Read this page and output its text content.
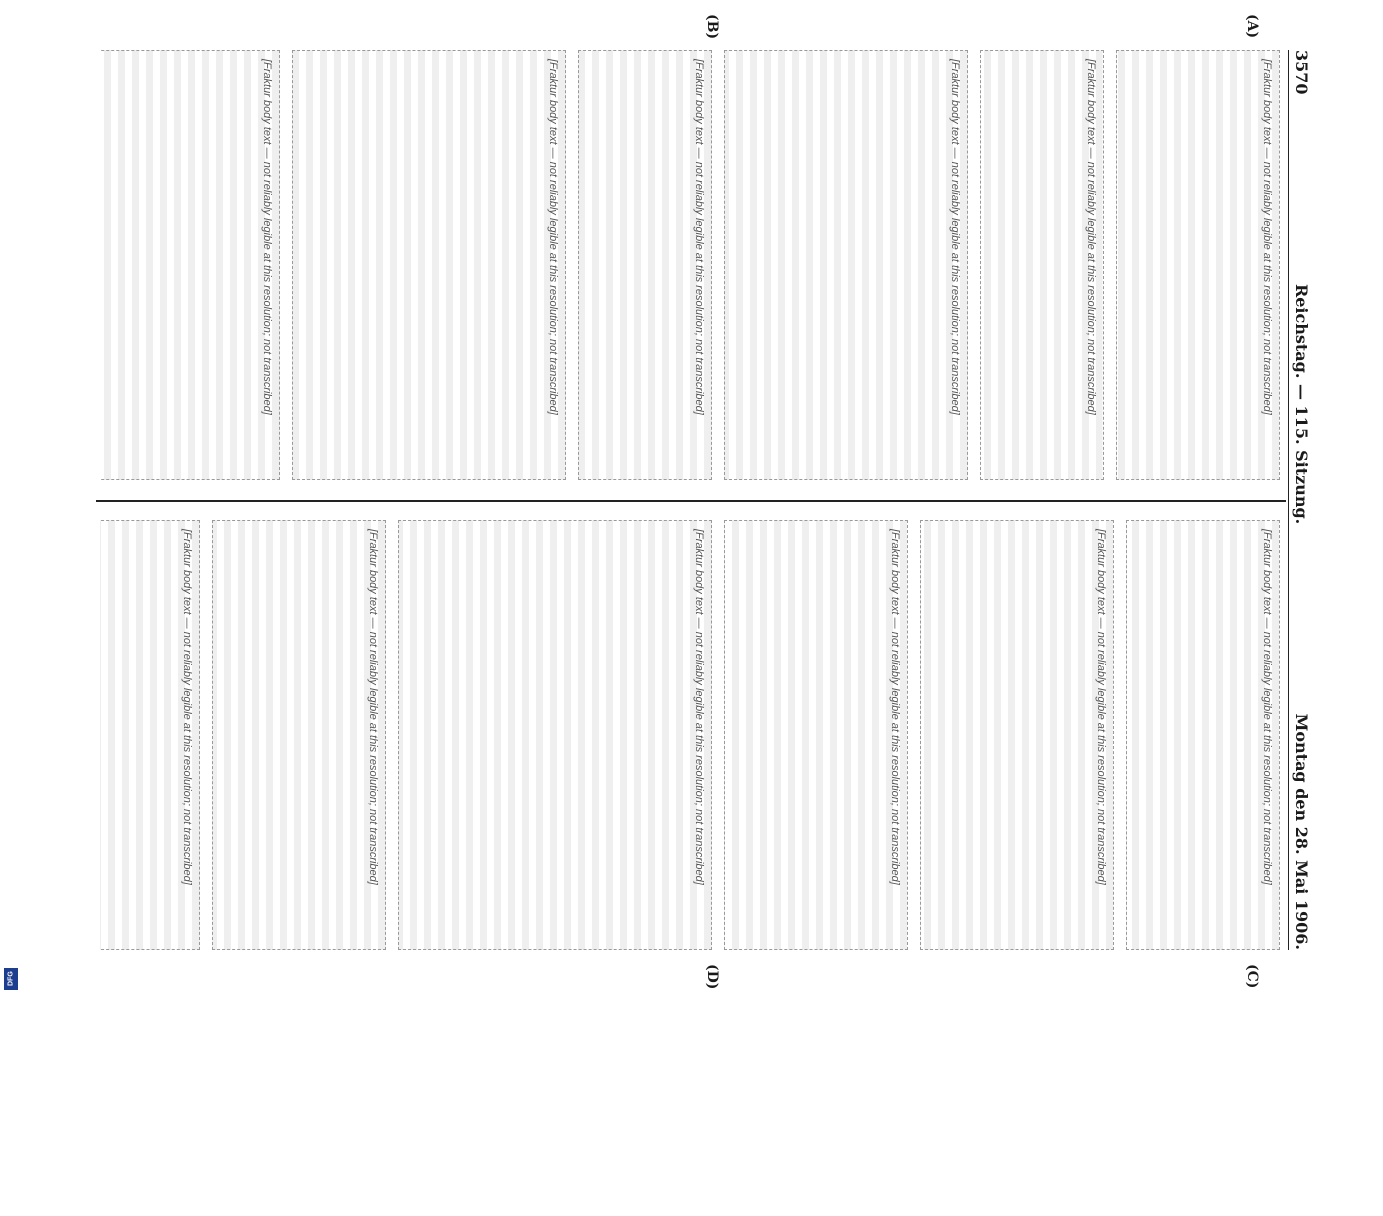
DFG
3570
Reichstag. — 115. Sitzung.
Montag den 28. Mai 1906.
(A)
(B)
(C)
(D)
[Fraktur body text — not reliably legible at this resolution; not transcribed]
[Fraktur body text — not reliably legible at this resolution; not transcribed]
[Fraktur body text — not reliably legible at this resolution; not transcribed]
[Fraktur body text — not reliably legible at this resolution; not transcribed]
[Fraktur body text — not reliably legible at this resolution; not transcribed]
[Fraktur body text — not reliably legible at this resolution; not transcribed]
[Fraktur body text — not reliably legible at this resolution; not transcribed]
[Fraktur body text — not reliably legible at this resolution; not transcribed]
[Fraktur body text — not reliably legible at this resolution; not transcribed]
[Fraktur body text — not reliably legible at this resolution; not transcribed]
[Fraktur body text — not reliably legible at this resolution; not transcribed]
[Fraktur body text — not reliably legible at this resolution; not transcribed]
